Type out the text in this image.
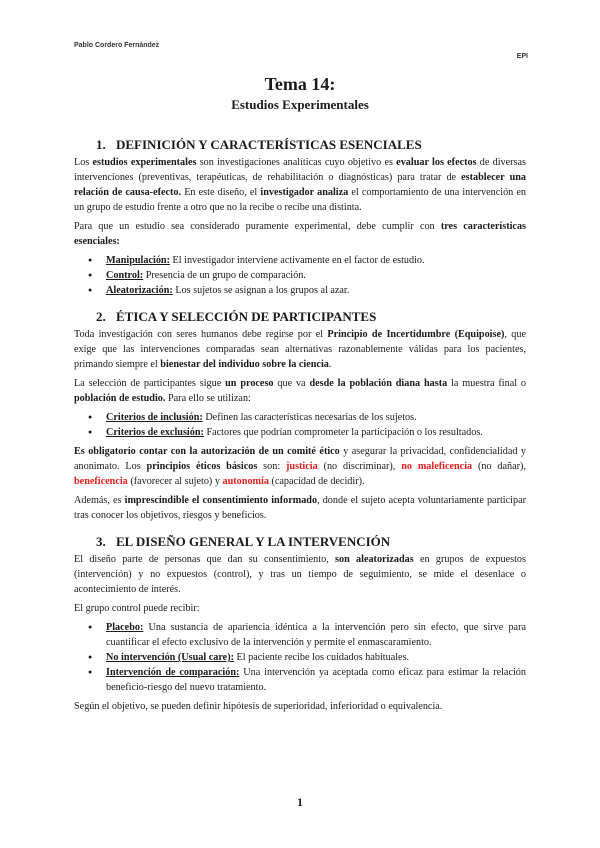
Pablo Cordero Fernández
EPI
Tema 14:
Estudios Experimentales
1. DEFINICIÓN Y CARACTERÍSTICAS ESENCIALES

Los estudios experimentales son investigaciones analíticas cuyo objetivo es evaluar los efectos de diversas intervenciones (preventivas, terapéuticas, de rehabilitación o diagnósticas) para tratar de establecer una relación de causa-efecto. En este diseño, el investigador analiza el comportamiento de una intervención en un grupo de estudio frente a otro que no la recibe o recibe una distinta.

Para que un estudio sea considerado puramente experimental, debe cumplir con tres características esenciales:

● Manipulación: El investigador interviene activamente en el factor de estudio.
● Control: Presencia de un grupo de comparación.
● Aleatorización: Los sujetos se asignan a los grupos al azar.
2. ÉTICA Y SELECCIÓN DE PARTICIPANTES

Toda investigación con seres humanos debe regirse por el Principio de Incertidumbre (Equipoise), que exige que las intervenciones comparadas sean alternativas razonablemente válidas para los pacientes, primando siempre el bienestar del individuo sobre la ciencia.

La selección de participantes sigue un proceso que va desde la población diana hasta la muestra final o población de estudio. Para ello se utilizan:

● Criterios de inclusión: Definen las características necesarias de los sujetos.
● Criterios de exclusión: Factores que podrían comprometer la participación o los resultados.

Es obligatorio contar con la autorización de un comité ético y asegurar la privacidad, confidencialidad y anonimato. Los principios éticos básicos son: justicia (no discriminar), no maleficencia (no dañar), beneficencia (favorecer al sujeto) y autonomía (capacidad de decidir).

Además, es imprescindible el consentimiento informado, donde el sujeto acepta voluntariamente participar tras conocer los objetivos, riesgos y beneficios.

3. EL DISEÑO GENERAL Y LA INTERVENCIÓN

El diseño parte de personas que dan su consentimiento, son aleatorizadas en grupos de expuestos (intervención) y no expuestos (control), y tras un tiempo de seguimiento, se mide el desenlace o acontecimiento de interés.

El grupo control puede recibir:

● Placebo: Una sustancia de apariencia idéntica a la intervención pero sin efecto, que sirve para cuantificar el efecto exclusivo de la intervención y permite el enmascaramiento.
● No intervención (Usual care): El paciente recibe los cuidados habituales.
● Intervención de comparación: Una intervención ya aceptada como eficaz para estimar la relación beneficio-riesgo del nuevo tratamiento.

Según el objetivo, se pueden definir hipótesis de superioridad, inferioridad o equivalencia.

1
